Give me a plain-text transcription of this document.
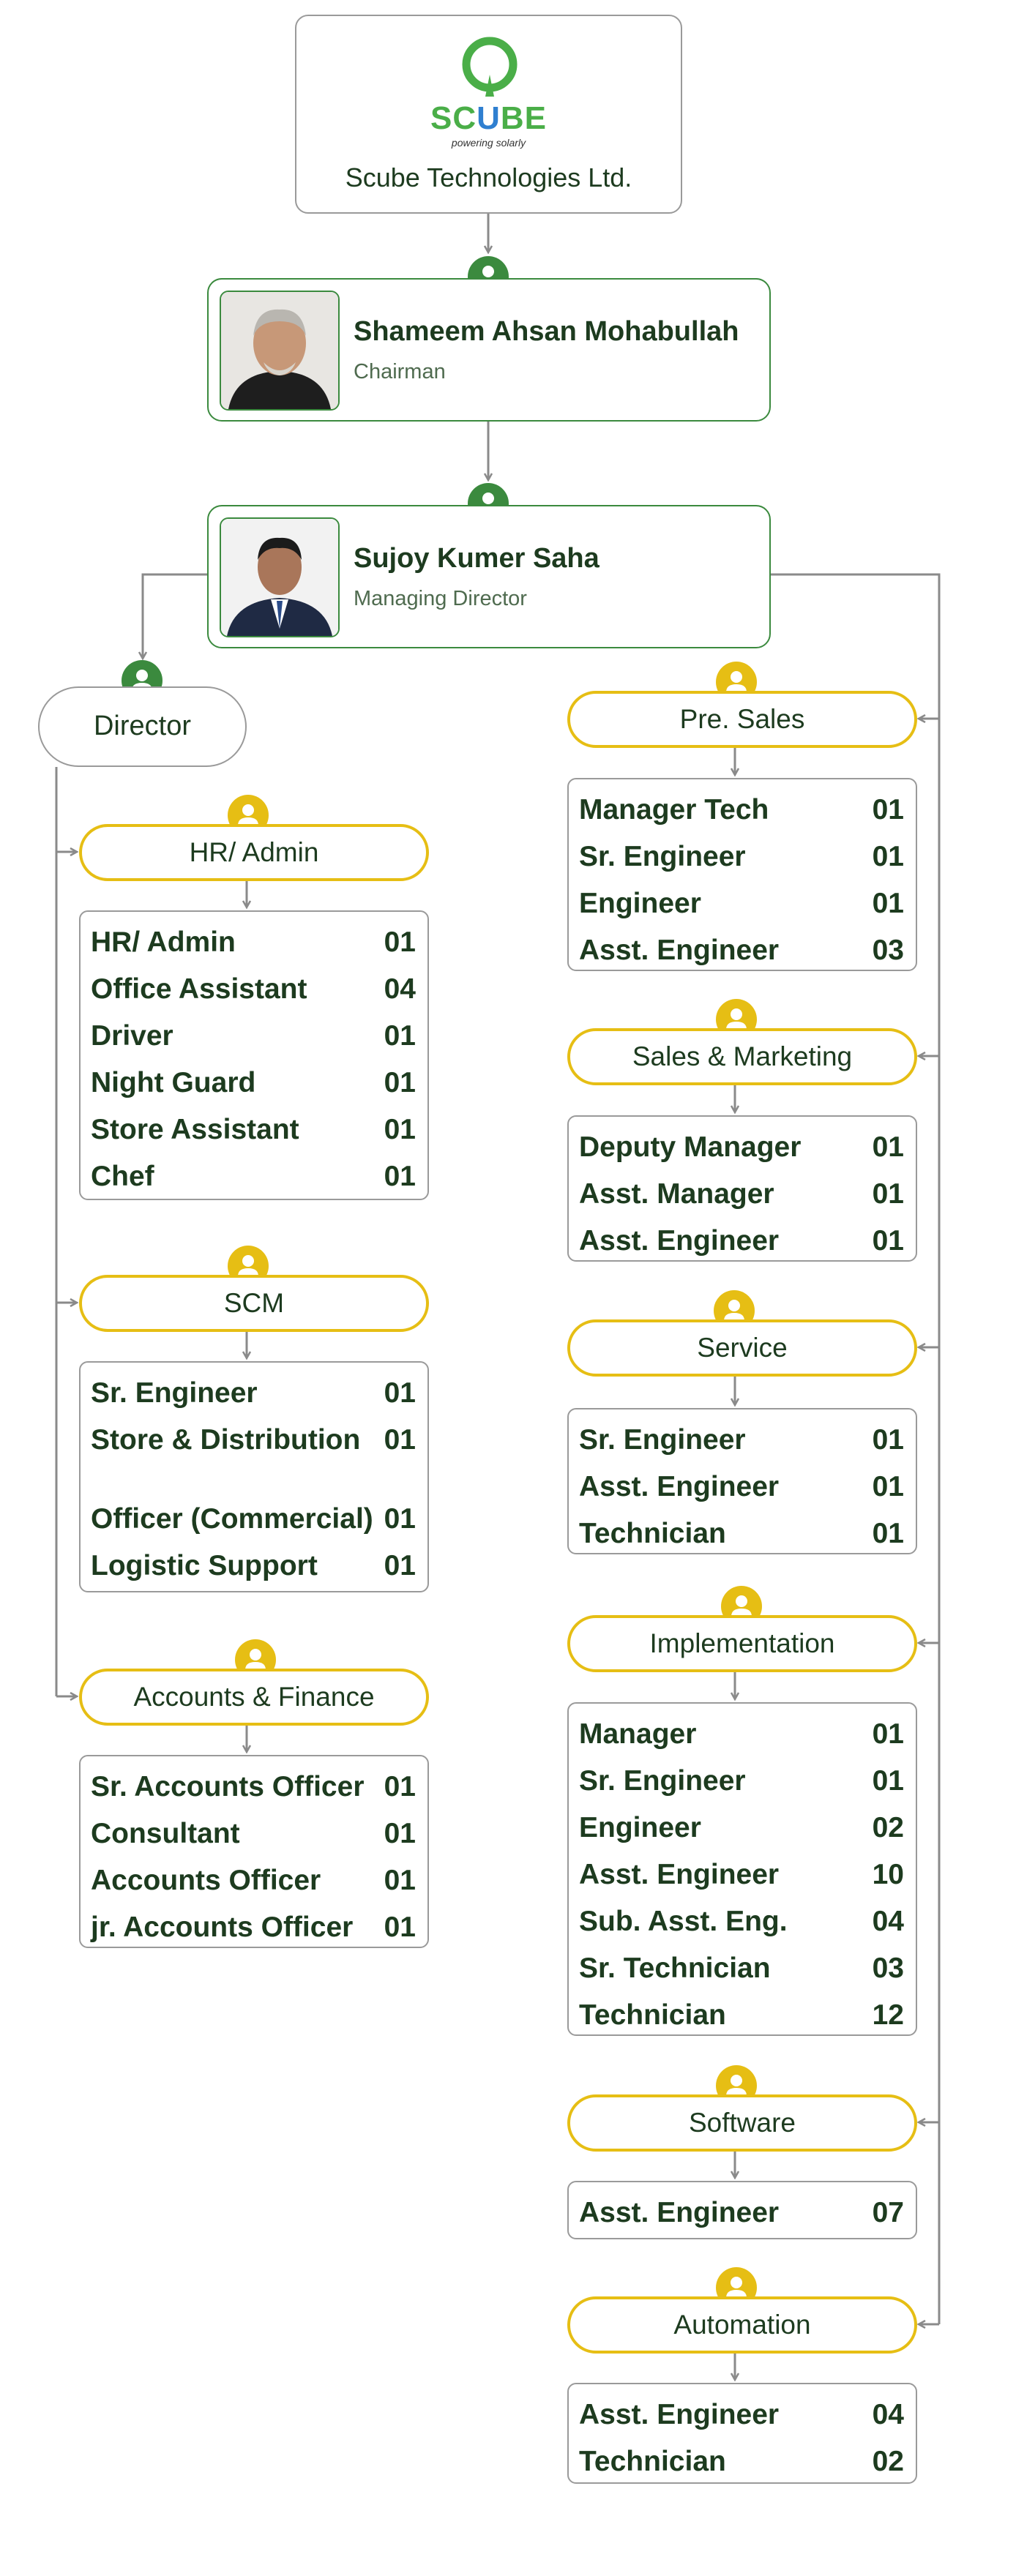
SCUBE
powering solarly
Scube Technologies Ltd.
Shameem Ahsan Mohabullah
Chairman
Sujoy Kumer Saha
Managing Director
Director
HR/ Admin
HR/ Admin	01
Office Assistant	04
Driver	01
Night Guard	01
Store Assistant	01
Chef	01
SCM
Sr. Engineer	01
Store & Distribution 01
Officer (Commercial) 01
Logistic Support	01
Accounts & Finance
Sr. Accounts Officer 01
Consultant	01
Accounts Officer	01
jr. Accounts Officer	01
Pre. Sales
Manager Tech	01
Sr. Engineer	01
Engineer	01
Asst. Engineer	03
Sales & Marketing
Deputy Manager	01
Asst. Manager	01
Asst. Engineer	01
Service
Sr. Engineer	01
Asst. Engineer	01
Technician	01
Implementation
Manager	01
Sr. Engineer	01
Engineer	02
Asst. Engineer	10
Sub. Asst. Eng.	04
Sr. Technician	03
Technician	12
Software
Asst. Engineer	07
Automation
Asst. Engineer	04
Technician	02
